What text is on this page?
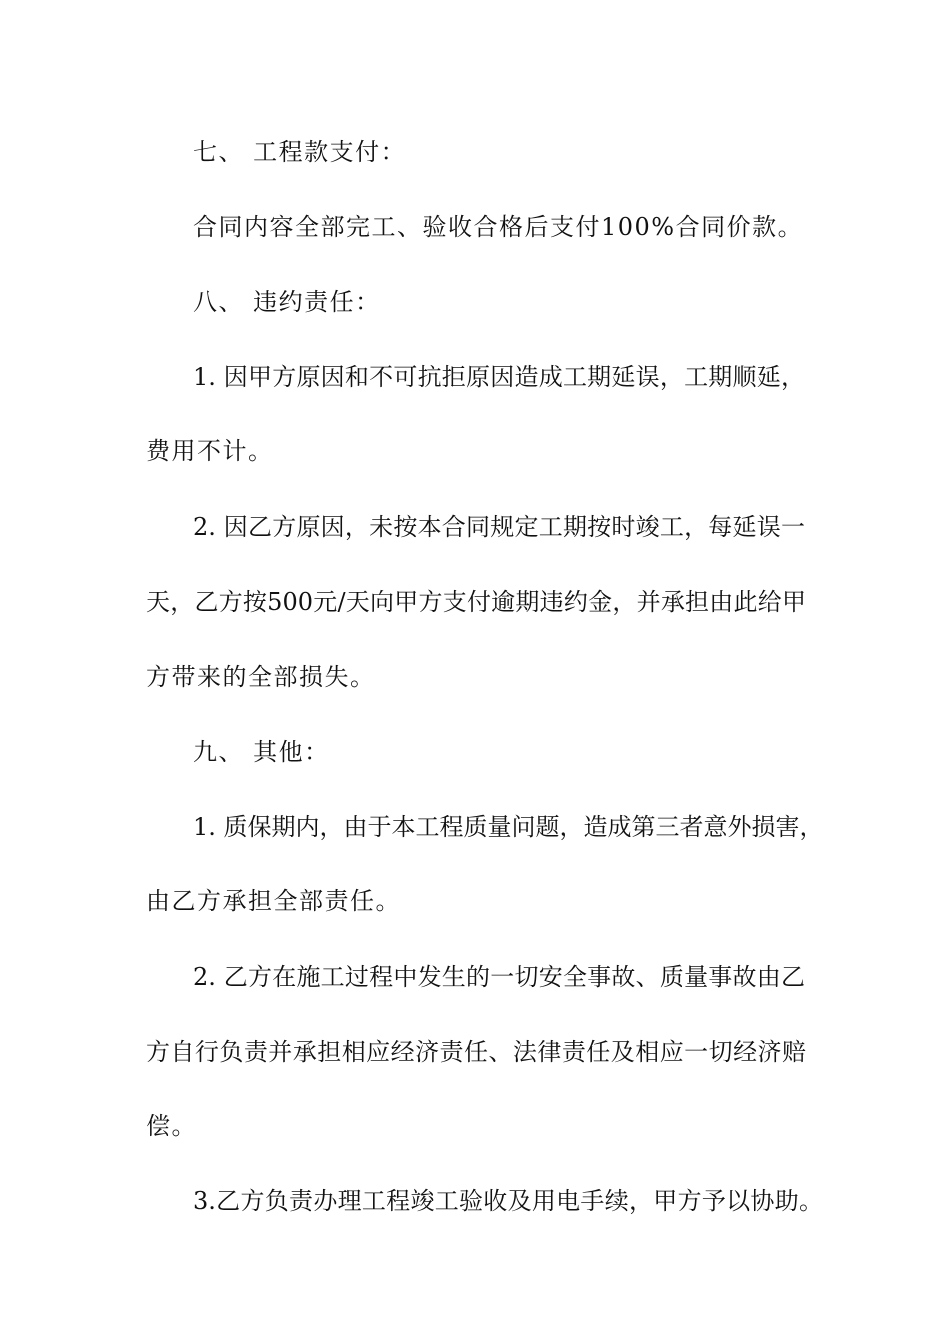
七、 工程款支付：
合同内容全部完工、验收合格后支付100%合同价款。
八、 违约责任：
1. 因甲方原因和不可抗拒原因造成工期延误，工期顺延，
费用不计。
2. 因乙方原因，未按本合同规定工期按时竣工，每延误一
天，乙方按500元/天向甲方支付逾期违约金，并承担由此给甲
方带来的全部损失。
九、 其他：
1. 质保期内，由于本工程质量问题，造成第三者意外损害，
由乙方承担全部责任。
2. 乙方在施工过程中发生的一切安全事故、质量事故由乙
方自行负责并承担相应经济责任、法律责任及相应一切经济赔
偿。
3.乙方负责办理工程竣工验收及用电手续，甲方予以协助。
